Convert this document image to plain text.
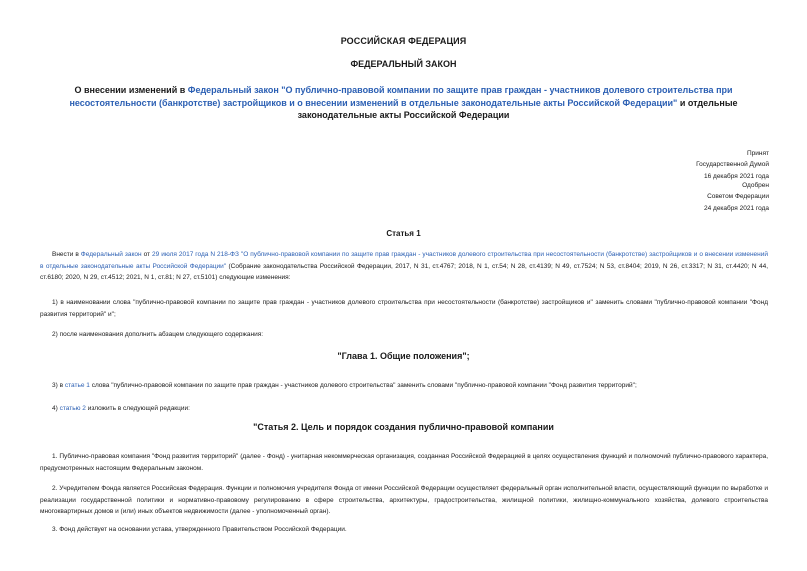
РОССИЙСКАЯ ФЕДЕРАЦИЯ
ФЕДЕРАЛЬНЫЙ ЗАКОН
О внесении изменений в Федеральный закон "О публично-правовой компании по защите прав граждан - участников долевого строительства при несостоятельности (банкротстве) застройщиков и о внесении изменений в отдельные законодательные акты Российской Федерации" и отдельные законодательные акты Российской Федерации
Принят
Государственной Думой
16 декабря 2021 года
Одобрен
Советом Федерации
24 декабря 2021 года
Статья 1
Внести в Федеральный закон от 29 июля 2017 года N 218-ФЗ "О публично-правовой компании по защите прав граждан - участников долевого строительства при несостоятельности (банкротстве) застройщиков и о внесении изменений в отдельные законодательные акты Российской Федерации" (Собрание законодательства Российской Федерации, 2017, N 31, ст.4767; 2018, N 1, ст.54; N 28, ст.4139; N 49, ст.7524; N 53, ст.8404; 2019, N 26, ст.3317; N 31, ст.4420; N 44, ст.6180; 2020, N 29, ст.4512; 2021, N 1, ст.81; N 27, ст.5101) следующие изменения:
1) в наименовании слова "публично-правовой компании по защите прав граждан - участников долевого строительства при несостоятельности (банкротстве) застройщиков и" заменить словами "публично-правовой компании "Фонд развития территорий" и";
2) после наименования дополнить абзацем следующего содержания:
"Глава 1. Общие положения";
3) в статье 1 слова "публично-правовой компании по защите прав граждан - участников долевого строительства" заменить словами "публично-правовой компании "Фонд развития территорий";
4) статью 2 изложить в следующей редакции:
"Статья 2. Цель и порядок создания публично-правовой компании
1. Публично-правовая компания "Фонд развития территорий" (далее - Фонд) - унитарная некоммерческая организация, созданная Российской Федерацией в целях осуществления функций и полномочий публично-правового характера, предусмотренных настоящим Федеральным законом.
2. Учредителем Фонда является Российская Федерация. Функции и полномочия учредителя Фонда от имени Российской Федерации осуществляет федеральный орган исполнительной власти, осуществляющий функции по выработке и реализации государственной политики и нормативно-правовому регулированию в сфере строительства, архитектуры, градостроительства, жилищной политики, жилищно-коммунального хозяйства, долевого строительства многоквартирных домов и (или) иных объектов недвижимости (далее - уполномоченный орган).
3. Фонд действует на основании устава, утвержденного Правительством Российской Федерации.
